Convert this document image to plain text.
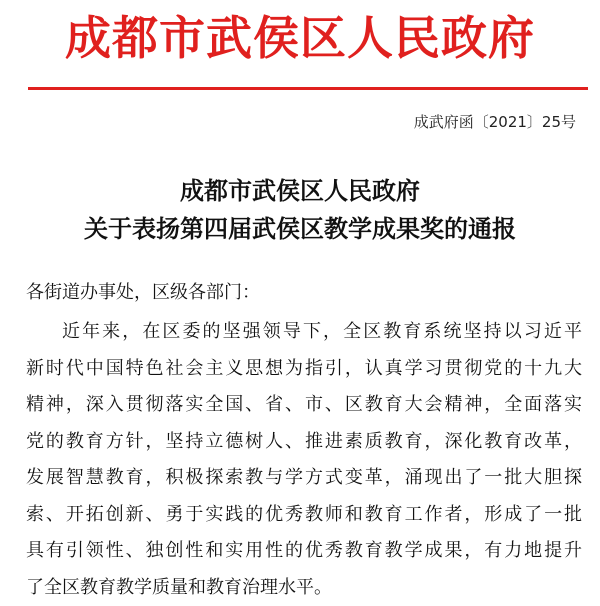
成都市武侯区人民政府
成武府函〔2021〕25号
成都市武侯区人民政府
关于表扬第四届武侯区教学成果奖的通报
各街道办事处，区级各部门：
近年来，在区委的坚强领导下，全区教育系统坚持以习近平
新时代中国特色社会主义思想为指引，认真学习贯彻党的十九大
精神，深入贯彻落实全国、省、市、区教育大会精神，全面落实
党的教育方针，坚持立德树人、推进素质教育，深化教育改革，
发展智慧教育，积极探索教与学方式变革，涌现出了一批大胆探
索、开拓创新、勇于实践的优秀教师和教育工作者，形成了一批
具有引领性、独创性和实用性的优秀教育教学成果，有力地提升
了全区教育教学质量和教育治理水平。
